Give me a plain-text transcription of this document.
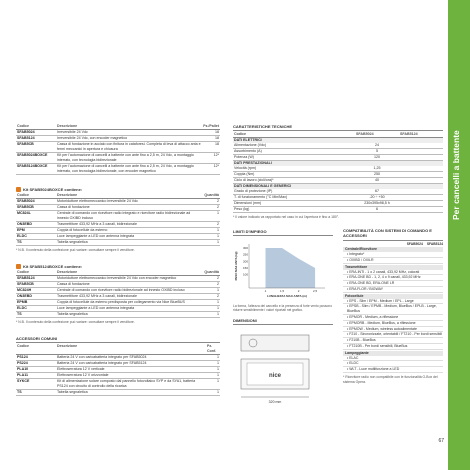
Per cancelli a battente
Codice	Descrizione	Pz./Pallet
SFAB5024	Irreversibile 24 Vdc	18
SFAB5124	Irreversibile 24 Vdc, con encoder magnetico	18
SFAB5CB	Cassa di fondazione in acciaio con finitura in cataforesi. Completa di leva di attacco anta e fermi meccanici in apertura e chiusura	18
SFAB5024BOXCE	Kit per l'automazione di cancelli a battente con ante fino a 2,5 m, 24 Vdc, a montaggio interrato, con tecnologia bidirezionale	12*
SFAB5124BOXCE	Kit per l'automazione di cancelli a battente con ante fino a 2,5 m, 24 Vdc, a montaggio interrato, con tecnologia bidirezionale, con encoder magnetico	12*
Kit SFAB5024BOXCE contiene:
Codice	Descrizione	Quantità
SFAB5024	Motoriduttore elettromeccanico irreversibile 24 Vdc	2
SFAB5CB	Cassa di fondazione	2
MC824L	Centrale di comando con ricevitore radio integrato e ricevitore radio bidirezionale ad innesto OXIBD incluso	1
ON3EBD	Trasmettitore 433,92 MHz a 3 canali, bidirezionale	2
EPM	Coppia di fotocellule da esterno	1
ELDC	Luce lampeggiante a LED con antenna integrata	1
TS	Tabella segnaletica	1
* N.B. Il contenuto della confezione può variare: consultare sempre il venditore.
Kit SFAB5124BOXCE contiene:
Codice	Descrizione	Quantità
SFAB5124	Motoriduttore elettromeccanico irreversibile 24 Vdc con encoder magnetico	2
SFAB5CB	Cassa di fondazione	2
MC824H	Centrale di comando con ricevitore radio bidirezionale ad innesto OXIBD incluso	1
ON3EBD	Trasmettitore 433,92 MHz a 3 canali, bidirezionale	2
EPMB	Coppia di fotocellule da esterno predisposta per collegamento via Nice BlueBUS	1
ELDC	Luce lampeggiante a LED con antenna integrata	1
TS	Tabella segnaletica	1
* N.B. Il contenuto della confezione può variare: consultare sempre il venditore.
ACCESSORI COMUNI
Codice	Descrizione	Pz. Conf.
PS124	Batteria 24 V con caricabatteria integrato per SFAB5024	1
PS224	Batteria 24 V con caricabatteria integrato per SFAB5124	1
PLA10	Elettroserratura 12 V verticale	1
PLA11	Elettroserratura 12 V orizzontale	1
SYKCE	Kit di alimentazione solare composto dal pannello fotovoltaico SYP e da SYA1, batteria PS124 con circuito di controllo della ricarica	1
TS	Tabella segnaletica	1
CARATTERISTICHE TECNICHE
Codice	SFAB5024	SFAB5124
DATI ELETTRICI		
Alimentazione (Vdc)	24	
Assorbimento (A)	5	
Potenza (W)	120	
DATI PRESTAZIONALI		
Velocità (rpm)	1,25	
Coppia (Nm)	250	
Ciclo di lavoro (cicli/ora)*	40	
DATI DIMENSIONALI E GENERICI		
Grado di protezione (IP)	67	
T. di funzionamento (°C Min/Max)	-20 ÷ +50	
Dimensioni (mm)	230x395x98,5 h	
Peso (kg)	6	
* Il valore indicato va rapportato nel caso in cui l'apertura è fino a 180°.
LIMITI D'IMPIEGO
100
150
200
250
300
1	1,5	2	2,5
LUNGHEZZA MAX ANTA (m)
PESO MAX ANTA (kg)
La forma, l'altezza del cancello e la presenza di forte vento possono ridurre sensibilmente i valori riportati nel grafico.
DIMENSIONI
nice
320 mm
COMPATIBILITÀ CON SISTEMI DI COMANDO E ACCESSORI
SFAB5024 SFAB5124
Centrale/Ricevitore
• Integrato*
• OXIBD / OXILR
Trasmettitore
• ERA-INTI - 1 o 2 canali, 433,92 MHz, colorati
• ERA-ONE BD - 1, 2, 4 o 9 canali, 433,92 MHz
• ERA-ONE BD, ERA-ONE LR
• ERA FLOR / BIGWAY
Fotocellule
• EPS - Slim / EPM - Medium / EPL - Large
• EPSB - Slim / EPMB - Medium, BlueBus / EPLB - Large, BlueBus
• EPMOR - Medium, a riflessione
• EPMORB - Medium, BlueBus, a riflessione
• EPMOW - Medium, wireless autoalimentate
• F210 - Sincronizzate, orientabili / FT210 - Per bordi sensibili
• F210B - BlueBus
• FT210B - Per bordi sensibili, BlueBus
Lampeggiante
• ELAC
• ELDC
• WLT - Luce multifunzione a LED
* Ricevitore radio non compatibile con le funzionalità O-Box del sistema Opera.
67
